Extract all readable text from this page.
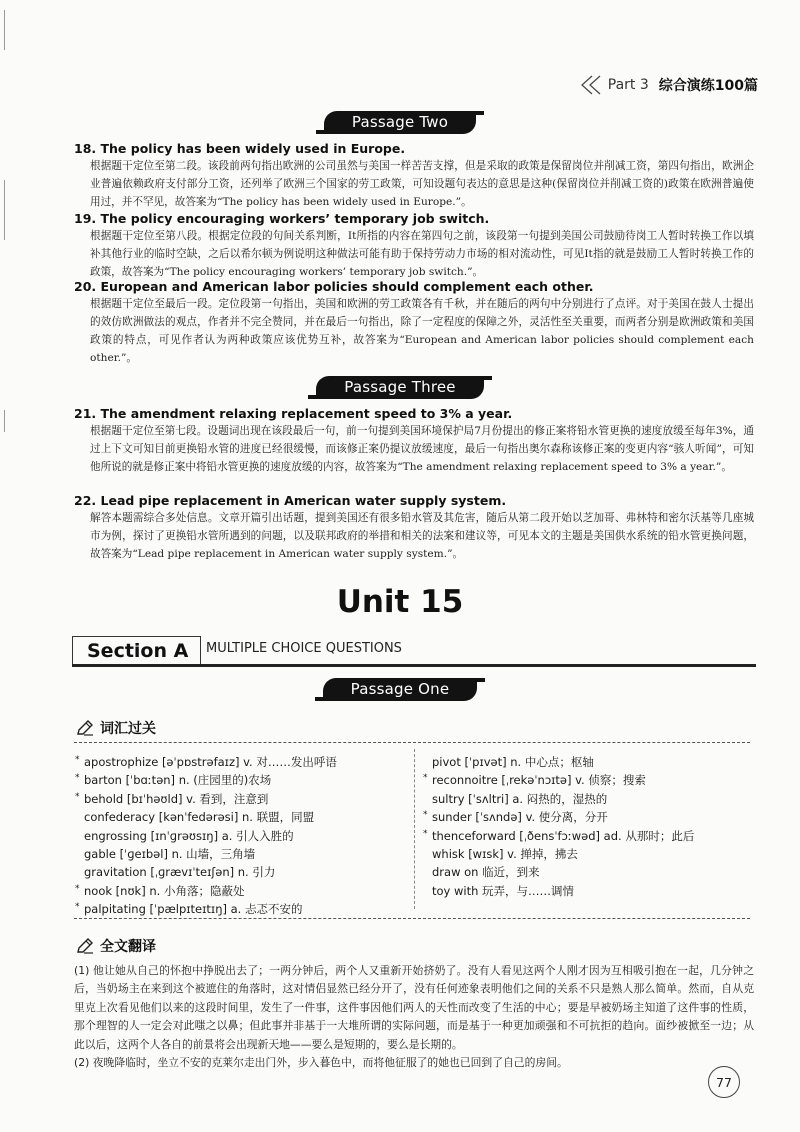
Part 3 综合演练100篇
Passage Two

18. The policy has been widely used in Europe.

根据题干定位至第二段。该段前两句指出欧洲的公司虽然与美国一样苦苦支撑，但是采取的政策是保留岗位并削减工资，第四句指出，欧洲企业普遍依赖政府支付部分工资，还列举了欧洲三个国家的劳工政策，可知设题句表达的意思是这种(保留岗位并削减工资的)政策在欧洲普遍使用过，并不罕见，故答案为“The policy has been widely used in Europe.”。

19. The policy encouraging workers’ temporary job switch.

根据题干定位至第八段。根据定位段的句间关系判断，It所指的内容在第四句之前，该段第一句提到美国公司鼓励待岗工人暂时转换工作以填补其他行业的临时空缺，之后以希尔顿为例说明这种做法可能有助于保持劳动力市场的相对流动性，可见It指的就是鼓励工人暂时转换工作的政策，故答案为“The policy encouraging workers’ temporary job switch.”。

20. European and American labor policies should complement each other.

根据题干定位至最后一段。定位段第一句指出，美国和欧洲的劳工政策各有千秋，并在随后的两句中分别进行了点评。对于美国在鼓人士提出的效仿欧洲做法的观点，作者并不完全赞同，并在最后一句指出，除了一定程度的保障之外，灵活性至关重要，而两者分别是欧洲政策和美国政策的特点，可见作者认为两种政策应该优势互补，故答案为“European and American labor policies should complement each other.”。

Passage Three

21. The amendment relaxing replacement speed to 3% a year.

根据题干定位至第七段。设题词出现在该段最后一句，前一句提到美国环境保护局7月份提出的修正案将铅水管更换的速度放缓至每年3%，通过上下文可知目前更换铅水管的进度已经很缓慢，而该修正案仍提议放缓速度，最后一句指出奥尔森称该修正案的变更内容“骇人听闻”，可知他所说的就是修正案中将铅水管更换的速度放缓的内容，故答案为“The amendment relaxing replacement speed to 3% a year.”。

22. Lead pipe replacement in American water supply system.

解答本题需综合多处信息。文章开篇引出话题，提到美国还有很多铅水管及其危害，随后从第二段开始以芝加哥、弗林特和密尔沃基等几座城市为例，探讨了更换铅水管所遇到的问题，以及联邦政府的举措和相关的法案和建议等，可见本文的主题是美国供水系统的铅水管更换问题，故答案为“Lead pipe replacement in American water supply system.”。

Unit 15
Section A MULTIPLE CHOICE QUESTIONS
Passage One
词汇过关
* apostrophize [əˈpɒstrəfaɪz] v. 对……发出呼语
* barton [ˈbɑːtən] n. (庄园里的)农场
* behold [bɪˈhəʊld] v. 看到，注意到
confederacy [kənˈfedərəsi] n. 联盟，同盟
engrossing [ɪnˈɡrəʊsɪŋ] a. 引人入胜的
gable [ˈɡeɪbəl] n. 山墙，三角墙
gravitation [ˌɡrævɪˈteɪʃən] n. 引力
* nook [nʊk] n. 小角落；隐蔽处
* palpitating [ˈpælpɪteɪtɪŋ] a. 忐忑不安的
pivot [ˈpɪvət] n. 中心点；枢轴
* reconnoitre [ˌrekəˈnɔɪtə] v. 侦察；搜索
sultry [ˈsʌltri] a. 闷热的，湿热的
* sunder [ˈsʌndə] v. 使分离，分开
* thenceforward [ˌðensˈfɔːwəd] ad. 从那时；此后
whisk [wɪsk] v. 掸掉，拂去
draw on 临近，到来
toy with 玩弄，与……调情
全文翻译

(1) 他让她从自己的怀抱中挣脱出去了；一两分钟后，两个人又重新开始挤奶了。没有人看见这两个人刚才因为互相吸引抱在一起，几分钟之后，当奶场主在来到这个被遮住的角落时，这对情侣显然已经分开了，没有任何迹象表明他们之间的关系不只是熟人那么简单。然而，自从克里克上次看见他们以来的这段时间里，发生了一件事，这件事因他们两人的天性而改变了生活的中心；要是早被奶场主知道了这件事的性质，那个理智的人一定会对此嗤之以鼻；但此事并非基于一大堆所谓的实际问题，而是基于一种更加顽强和不可抗拒的趋向。面纱被掀至一边；从此以后，这两个人各自的前景将会出现新天地——要么是短期的，要么是长期的。

(2) 夜晚降临时，坐立不安的克莱尔走出门外，步入暮色中，而将他征服了的她也已回到了自己的房间。

77
